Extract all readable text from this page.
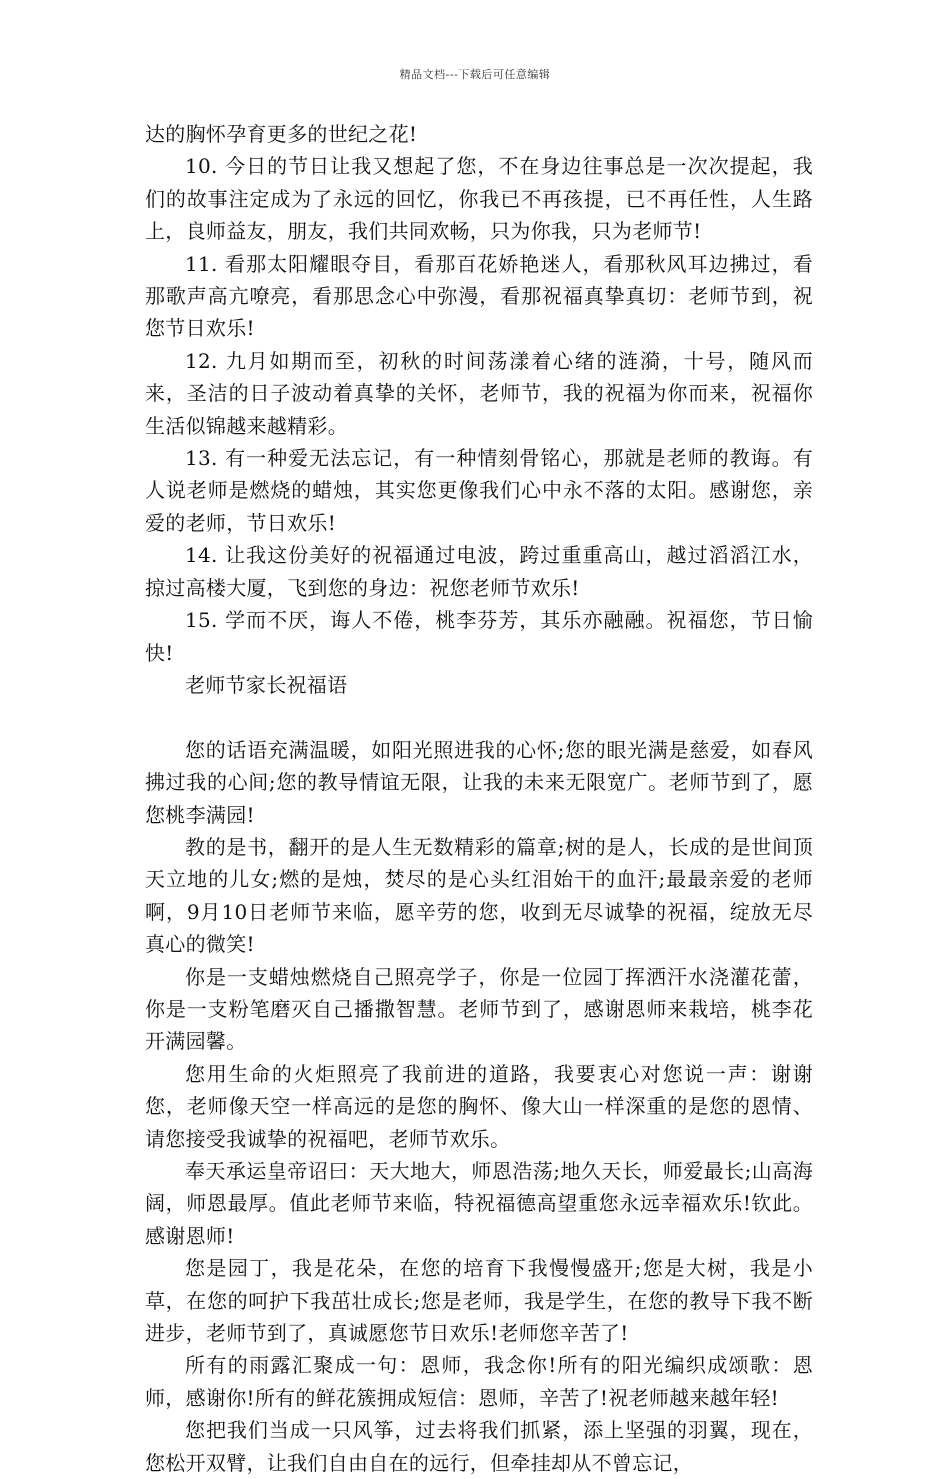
精品文档---下载后可任意编辑

达的胸怀孕育更多的世纪之花!

10. 今日的节日让我又想起了您，不在身边往事总是一次次提起，我们的故事注定成为了永远的回忆，你我已不再孩提，已不再任性，人生路上，良师益友，朋友，我们共同欢畅，只为你我，只为老师节!

11. 看那太阳耀眼夺目，看那百花娇艳迷人，看那秋风耳边拂过，看那歌声高亢嘹亮，看那思念心中弥漫，看那祝福真挚真切：老师节到，祝您节日欢乐!

12. 九月如期而至，初秋的时间荡漾着心绪的涟漪，十号，随风而来，圣洁的日子波动着真挚的关怀，老师节，我的祝福为你而来，祝福你生活似锦越来越精彩。

13. 有一种爱无法忘记，有一种情刻骨铭心，那就是老师的教诲。有人说老师是燃烧的蜡烛，其实您更像我们心中永不落的太阳。感谢您，亲爱的老师，节日欢乐!

14. 让我这份美好的祝福通过电波，跨过重重高山，越过滔滔江水，掠过高楼大厦，飞到您的身边：祝您老师节欢乐!

15. 学而不厌，诲人不倦，桃李芬芳，其乐亦融融。祝福您，节日愉快!

老师节家长祝福语

您的话语充满温暖，如阳光照进我的心怀;您的眼光满是慈爱，如春风拂过我的心间;您的教导情谊无限，让我的未来无限宽广。老师节到了，愿您桃李满园!

教的是书，翻开的是人生无数精彩的篇章;树的是人，长成的是世间顶天立地的儿女;燃的是烛，焚尽的是心头红泪始干的血汗;最最亲爱的老师啊，9月10日老师节来临，愿辛劳的您，收到无尽诚挚的祝福，绽放无尽真心的微笑!

你是一支蜡烛燃烧自己照亮学子，你是一位园丁挥洒汗水浇灌花蕾，你是一支粉笔磨灭自己播撒智慧。老师节到了，感谢恩师来栽培，桃李花开满园馨。

您用生命的火炬照亮了我前进的道路，我要衷心对您说一声：谢谢您，老师像天空一样高远的是您的胸怀、像大山一样深重的是您的恩情、请您接受我诚挚的祝福吧，老师节欢乐。

奉天承运皇帝诏曰：天大地大，师恩浩荡;地久天长，师爱最长;山高海阔，师恩最厚。值此老师节来临，特祝福德高望重您永远幸福欢乐!钦此。感谢恩师!

您是园丁，我是花朵，在您的培育下我慢慢盛开;您是大树，我是小草，在您的呵护下我茁壮成长;您是老师，我是学生，在您的教导下我不断进步，老师节到了，真诚愿您节日欢乐!老师您辛苦了!

所有的雨露汇聚成一句：恩师，我念你!所有的阳光编织成颂歌：恩师，感谢你!所有的鲜花簇拥成短信：恩师，辛苦了!祝老师越来越年轻!

您把我们当成一只风筝，过去将我们抓紧，添上坚强的羽翼，现在，您松开双臂，让我们自由自在的远行，但牵挂却从不曾忘记，
